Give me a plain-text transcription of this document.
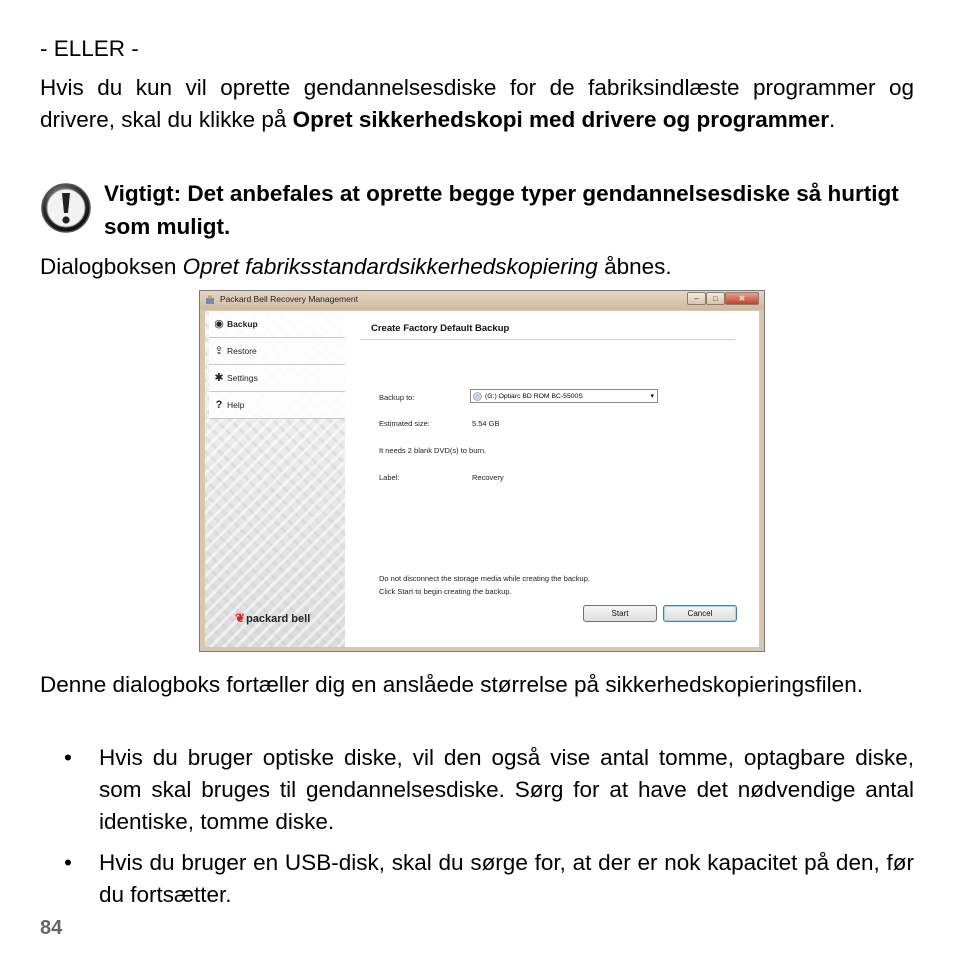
- ELLER -

Hvis du kun vil oprette gendannelsesdiske for de fabriksindlæste programmer og drivere, skal du klikke på Opret sikkerhedskopi med drivere og programmer.

Vigtigt: Det anbefales at oprette begge typer gendannelsesdiske så hurtigt som muligt.

Dialogboksen Opret fabriksstandardsikkerhedskopiering åbnes.

Packard Bell Recovery Management	–	□	✕
◉ Backup
⇪ Restore
✱ Settings
? Help
❦packard bell
Create Factory Default Backup
Backup to:	(G:) Optiarc BD ROM BC-5500S	▾
Estimated size:	5.54 GB
It needs 2 blank DVD(s) to burn.
Label:	Recovery
Do not disconnect the storage media while creating the backup.
Click Start to begin creating the backup.
Start	Cancel

Denne dialogboks fortæller dig en anslåede størrelse på sikkerhedskopieringsfilen.

• Hvis du bruger optiske diske, vil den også vise antal tomme, optagbare diske, som skal bruges til gendannelsesdiske. Sørg for at have det nødvendige antal identiske, tomme diske.
• Hvis du bruger en USB-disk, skal du sørge for, at der er nok kapacitet på den, før du fortsætter.
84
